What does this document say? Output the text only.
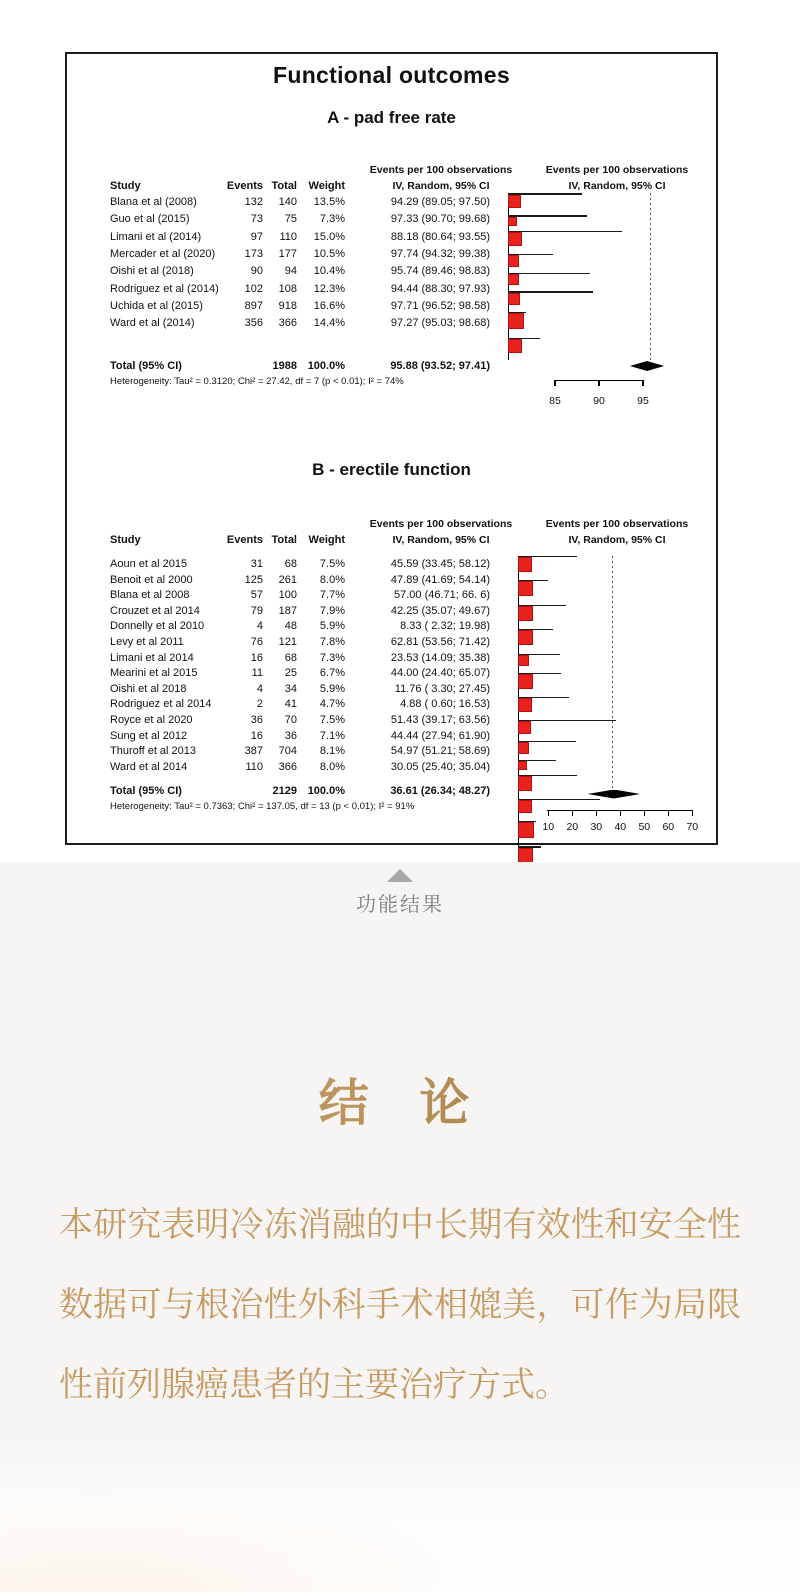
Functional outcomes
A - pad free rate
Events per 100 observations	Events per 100 observations
IV, Random, 95% CI	IV, Random, 95% CI
Study	Events Total	Weight
Blana et al (2008)	132	140	13.5%	94.29 (89.05; 97.50)
Guo et al (2015)	73	75	7.3%	97.33 (90.70; 99.68)
Limani et al (2014)	97	110	15.0%	88.18 (80.64; 93.55)
Mercader et al (2020)	173	177	10.5%	97.74 (94.32; 99.38)
Oishi et al (2018)	90	94	10.4%	95.74 (89.46; 98.83)
Rodriguez et al (2014)	102	108	12.3%	94.44 (88.30; 97.93)
Uchida et al (2015)	897	918	16.6%	97.71 (96.52; 98.58)
Ward et al (2014)	356	366	14.4%	97.27 (95.03; 98.68)
Total (95% CI)	1988 100.0%	95.88 (93.52; 97.41)
Heterogeneity: Tau² = 0.3120; Chi² = 27.42, df = 7 (p < 0.01); I² = 74%
85	90	95
B - erectile function
Events per 100 observations	Events per 100 observations
IV, Random, 95% CI	IV, Random, 95% CI
Study	Events Total	Weight
Aoun et al 2015	31	68	7.5%	45.59 (33.45; 58.12)
Benoit et al 2000	125	261	8.0%	47.89 (41.69; 54.14)
Blana et al 2008	57	100	7.7%	57.00 (46.71; 66. 6)
Crouzet et al 2014	79	187	7.9%	42.25 (35.07; 49.67)
Donnelly et al 2010	4	48	5.9%	8.33 ( 2.32; 19.98)
Levy et al 2011	76	121	7.8%	62.81 (53.56; 71.42)
Limani et al 2014	16	68	7.3%	23.53 (14.09; 35.38)
Mearini et al 2015	11	25	6.7%	44.00 (24.40; 65.07)
Oishi et al 2018	4	34	5.9%	11.76 ( 3.30; 27.45)
Rodriguez et al 2014	2	41	4.7%	4.88 ( 0.60; 16.53)
Royce et al 2020	36	70	7.5%	51.43 (39.17; 63.56)
Sung et al 2012	16	36	7.1%	44.44 (27.94; 61.90)
Thuroff et al 2013	387	704	8.1%	54.97 (51.21; 58.69)
Ward et al 2014	110	366	8.0%	30.05 (25.40; 35.04)
Total (95% CI)	2129 100.0%	36.61 (26.34; 48.27)
Heterogeneity: Tau² = 0.7363; Chi² = 137.05, df = 13 (p < 0.01); I² = 91%
10	20	30	40	50	60	70
功能结果
结 论
本研究表明冷冻消融的中长期有效性和安全性
数据可与根治性外科手术相媲美，可作为局限
性前列腺癌患者的主要治疗方式。
